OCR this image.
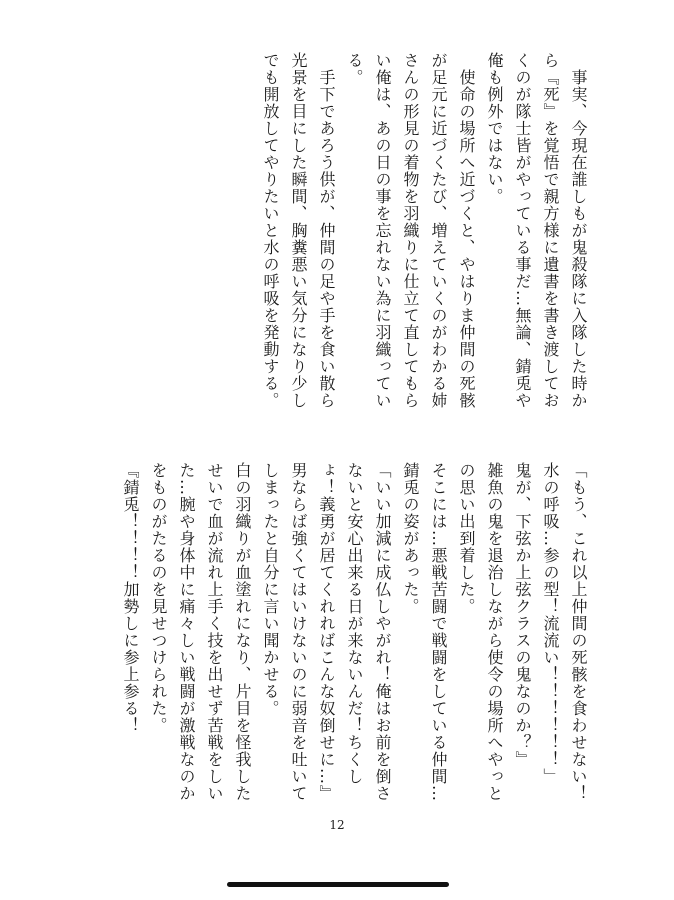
　事実、今現在誰しもが鬼殺隊に入隊した時から『死』を覚悟で親方様に遺書を書き渡しておくのが隊士皆がやっている事だ…無論、錆兎や俺も例外ではない。

　使命の場所へ近づくと、やはりま仲間の死骸が足元に近づくたび、増えていくのがわかる姉さんの形見の着物を羽織りに仕立て直してもらい俺は、あの日の事を忘れない為に羽織っている。

　手下であろう供が、仲間の足や手を食い散ら光景を目にした瞬間、胸糞悪い気分になり少しでも開放してやりたいと水の呼吸を発動する。

「もう、これ以上仲間の死骸を食わせない！水の呼吸…参の型！流流い！！！！！！」

鬼が、下弦か上弦クラスの鬼なのか？』

雑魚の鬼を退治しながら使令の場所へやっとの思い出到着した。

そこには…悪戦苦闘で戦闘をしている仲間…錆兎の姿があった。

「いい加減に成仏しやがれ！俺はお前を倒さないと安心出来る日が来ないんだ！ちくしょ！義勇が居てくれればこんな奴倒せに…』

男ならば強くてはいけないのに弱音を吐いてしまったと自分に言い聞かせる。

白の羽織りが血塗れになり、片目を怪我したせいで血が流れ上手く技を出せず苦戦をしいた…腕や身体中に痛々しい戦闘が激戦なのかをものがたるのを見せつけられた。

『錆兎！！！！加勢しに参上参る！

12
